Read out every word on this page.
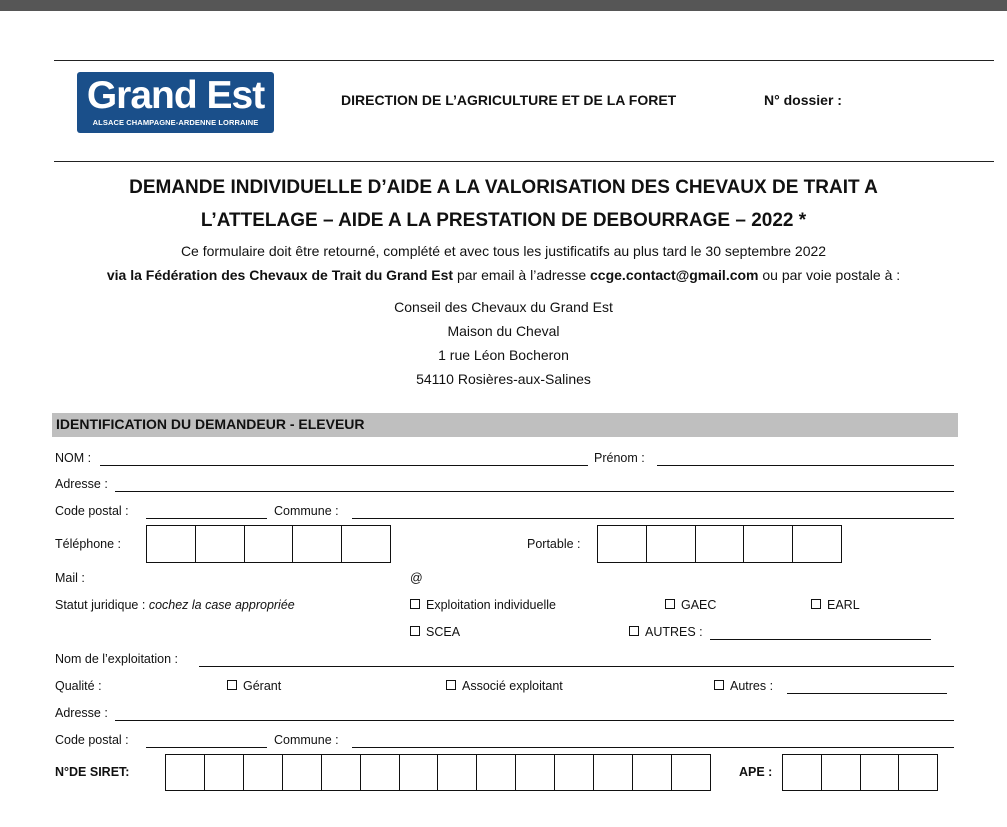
Grand Est
ALSACE CHAMPAGNE-ARDENNE LORRAINE
DIRECTION DE L’AGRICULTURE ET DE LA FORET	N° dossier :
DEMANDE INDIVIDUELLE D’AIDE A LA VALORISATION DES CHEVAUX DE TRAIT A
L’ATTELAGE – AIDE A LA PRESTATION DE DEBOURRAGE – 2022 *
Ce formulaire doit être retourné, complété et avec tous les justificatifs au plus tard le 30 septembre 2022
via la Fédération des Chevaux de Trait du Grand Est par email à l’adresse ccge.contact@gmail.com ou par voie postale à :
Conseil des Chevaux du Grand Est
Maison du Cheval
1 rue Léon Bocheron
54110 Rosières-aux-Salines
IDENTIFICATION DU DEMANDEUR - ELEVEUR
NOM :	Prénom :
Adresse :
Code postal :	Commune :
Téléphone :	Portable :
Mail :	@
Statut juridique : cochez la case appropriée	Exploitation individuelle	GAEC	EARL
SCEA	AUTRES :
Nom de l’exploitation :
Qualité :	Gérant	Associé exploitant	Autres :
Adresse :
Code postal :	Commune :
N°DE SIRET:	APE :
